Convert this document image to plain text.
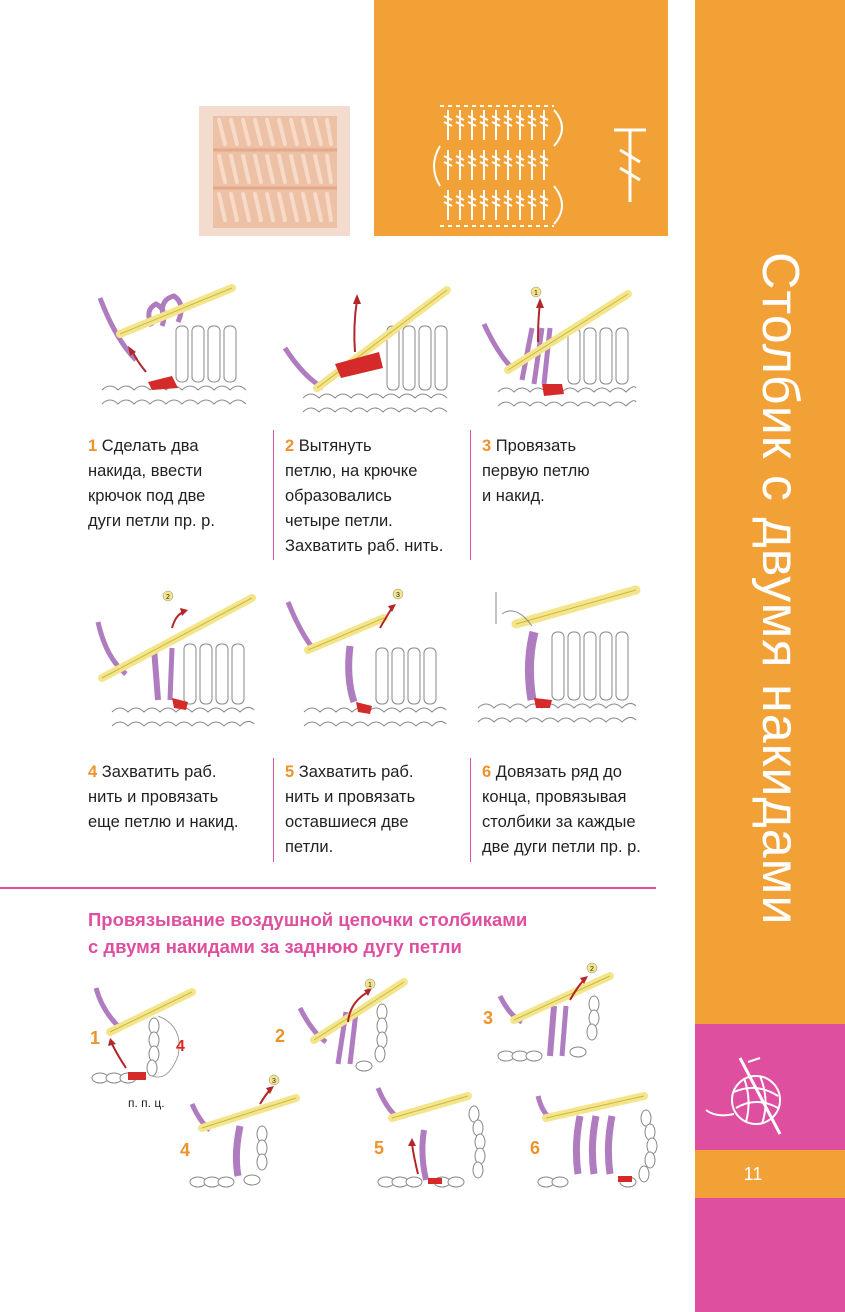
11
Столбик с двумя накидами
1
1 Сделать два
накида, ввести
крючок под две
дуги петли пр. р.
2 Вытянуть
петлю, на крючке
образовались
четыре петли.
Захватить раб. нить.
3 Провязать
первую петлю
и накид.
2	3
4 Захватить раб.
нить и провязать
еще петлю и накид.
5 Захватить раб.
нить и провязать
оставшиеся две
петли.
6 Довязать ряд до
конца, провязывая
столбики за каждые
две дуги петли пр. р.
Провязывание воздушной цепочки столбиками
с двумя накидами за заднюю дугу петли
1	4
п. п. ц.
2
1
3
2
4
3
5	6
